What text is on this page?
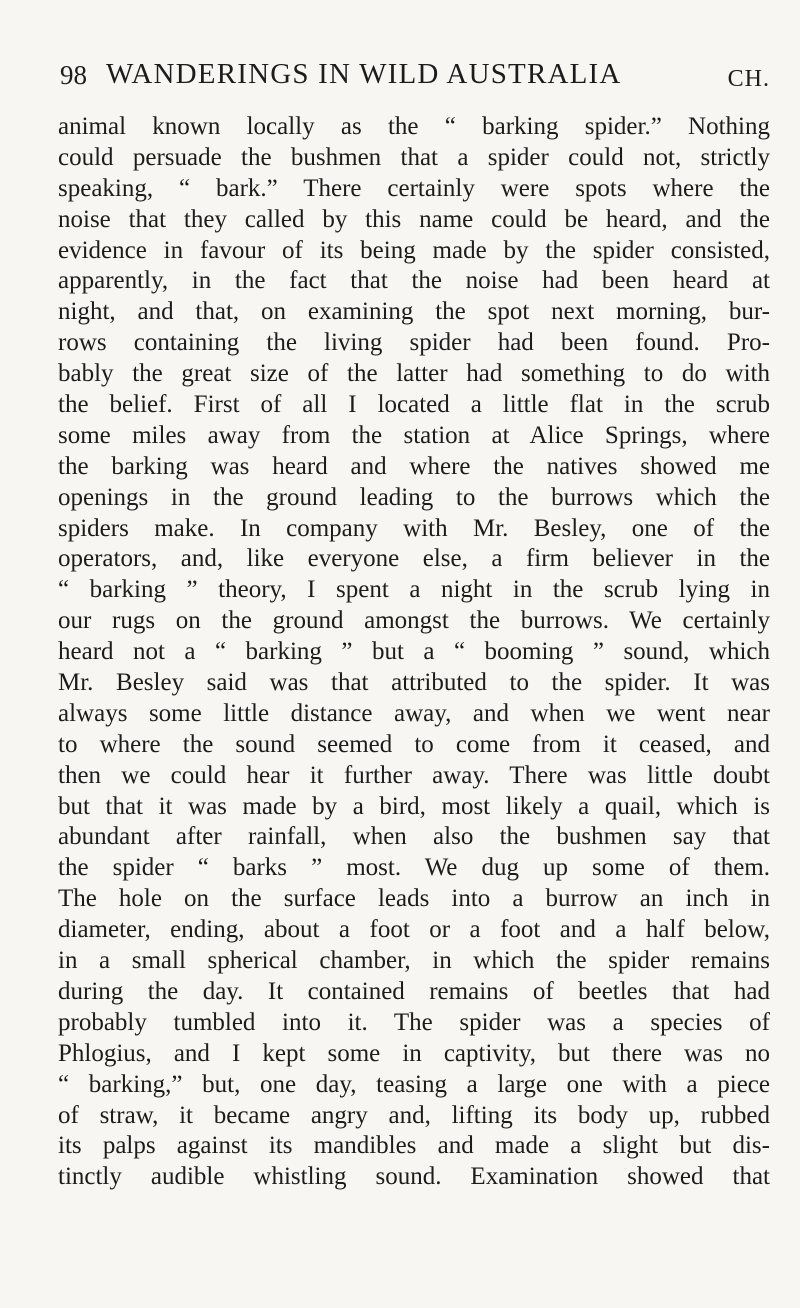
98 WANDERINGS IN WILD AUSTRALIA	CH.
animal known locally as the “ barking spider.” Nothing
could persuade the bushmen that a spider could not, strictly
speaking, “ bark.” There certainly were spots where the
noise that they called by this name could be heard, and the
evidence in favour of its being made by the spider consisted,
apparently, in the fact that the noise had been heard at
night, and that, on examining the spot next morning, bur-
rows containing the living spider had been found. Pro-
bably the great size of the latter had something to do with
the belief. First of all I located a little flat in the scrub
some miles away from the station at Alice Springs, where
the barking was heard and where the natives showed me
openings in the ground leading to the burrows which the
spiders make. In company with Mr. Besley, one of the
operators, and, like everyone else, a firm believer in the
“ barking ” theory, I spent a night in the scrub lying in
our rugs on the ground amongst the burrows. We certainly
heard not a “ barking ” but a “ booming ” sound, which
Mr. Besley said was that attributed to the spider. It was
always some little distance away, and when we went near
to where the sound seemed to come from it ceased, and
then we could hear it further away. There was little doubt
but that it was made by a bird, most likely a quail, which is
abundant after rainfall, when also the bushmen say that
the spider “ barks ” most. We dug up some of them.
The hole on the surface leads into a burrow an inch in
diameter, ending, about a foot or a foot and a half below,
in a small spherical chamber, in which the spider remains
during the day. It contained remains of beetles that had
probably tumbled into it. The spider was a species of
Phlogius, and I kept some in captivity, but there was no
“ barking,” but, one day, teasing a large one with a piece
of straw, it became angry and, lifting its body up, rubbed
its palps against its mandibles and made a slight but dis-
tinctly audible whistling sound. Examination showed that
